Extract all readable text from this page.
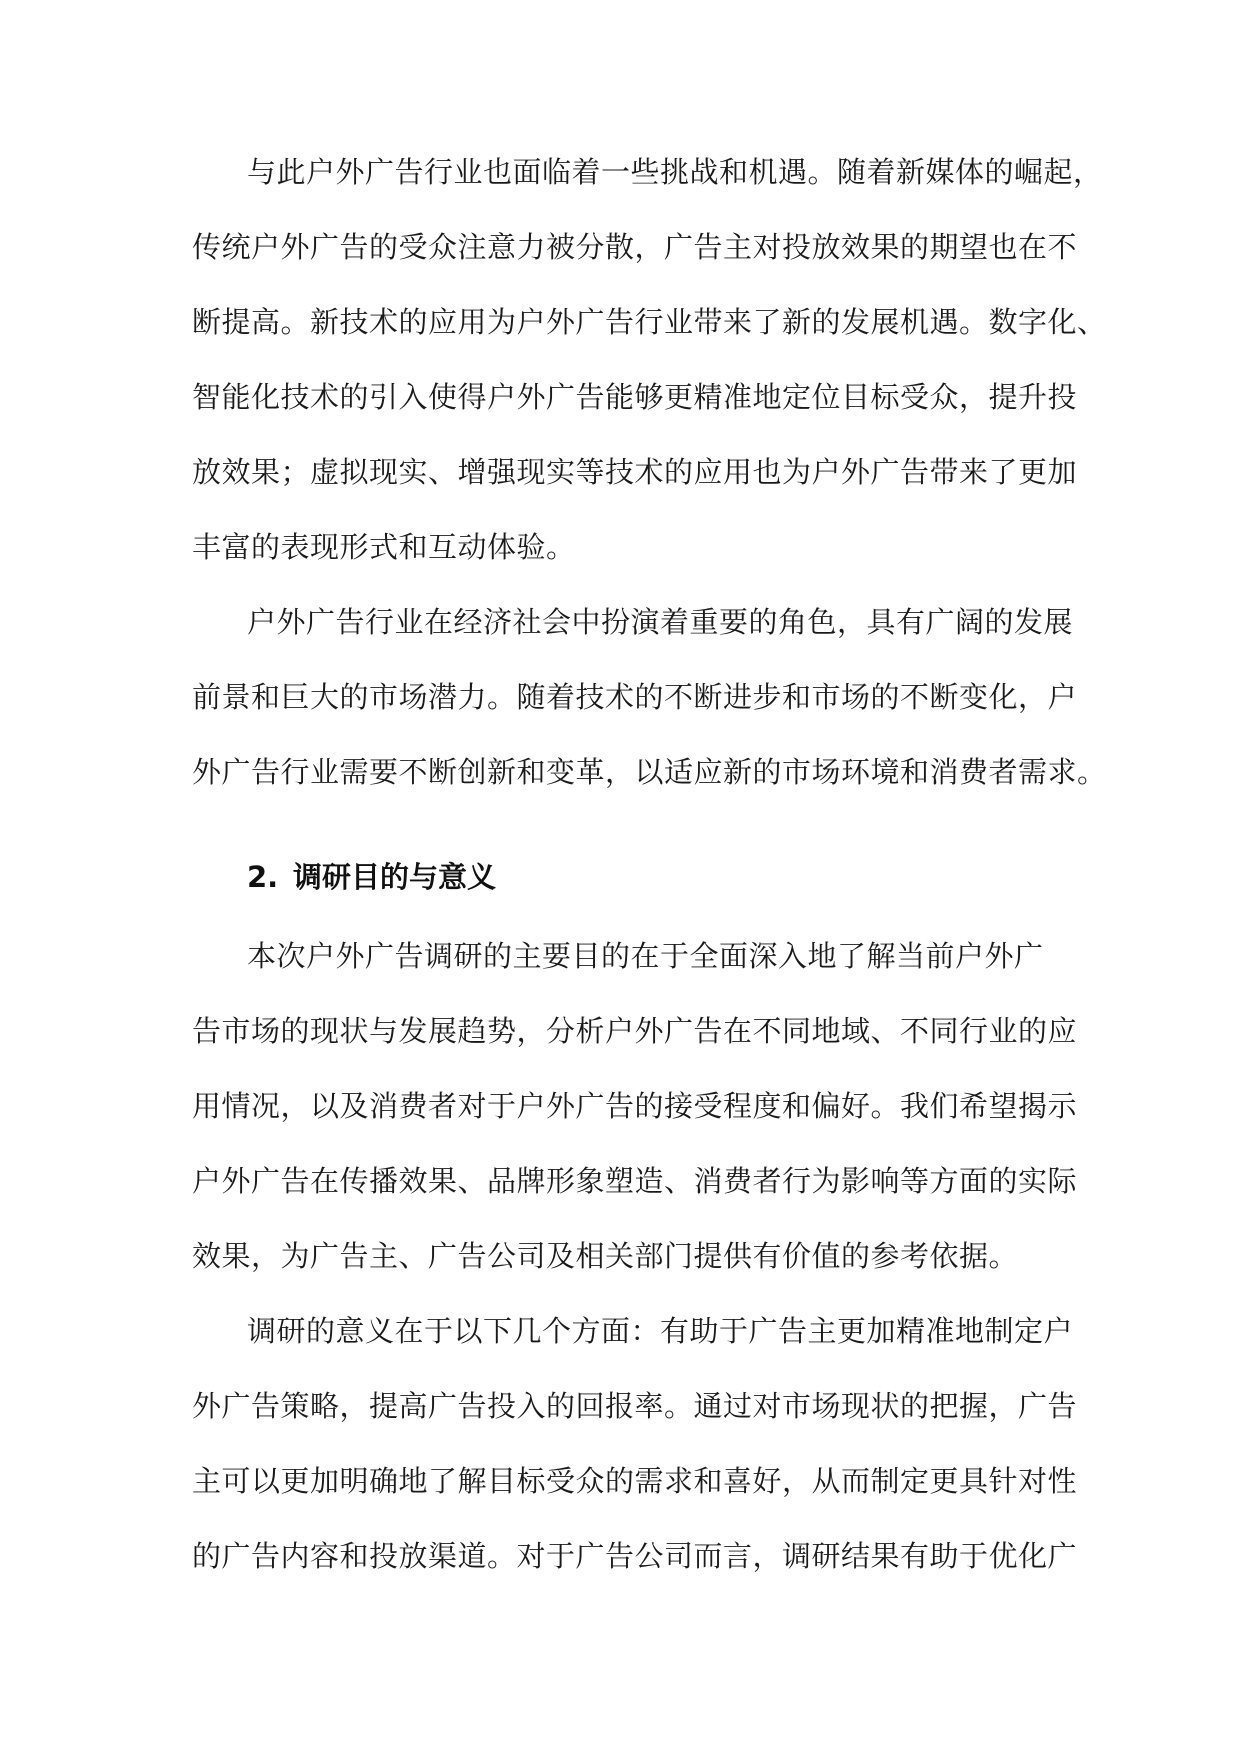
与此户外广告行业也面临着一些挑战和机遇。随着新媒体的崛起，
传统户外广告的受众注意力被分散，广告主对投放效果的期望也在不
断提高。新技术的应用为户外广告行业带来了新的发展机遇。数字化、
智能化技术的引入使得户外广告能够更精准地定位目标受众，提升投
放效果；虚拟现实、增强现实等技术的应用也为户外广告带来了更加
丰富的表现形式和互动体验。
户外广告行业在经济社会中扮演着重要的角色，具有广阔的发展
前景和巨大的市场潜力。随着技术的不断进步和市场的不断变化，户
外广告行业需要不断创新和变革，以适应新的市场环境和消费者需求。
2. 调研目的与意义
本次户外广告调研的主要目的在于全面深入地了解当前户外广
告市场的现状与发展趋势，分析户外广告在不同地域、不同行业的应
用情况，以及消费者对于户外广告的接受程度和偏好。我们希望揭示
户外广告在传播效果、品牌形象塑造、消费者行为影响等方面的实际
效果，为广告主、广告公司及相关部门提供有价值的参考依据。
调研的意义在于以下几个方面：有助于广告主更加精准地制定户
外广告策略，提高广告投入的回报率。通过对市场现状的把握，广告
主可以更加明确地了解目标受众的需求和喜好，从而制定更具针对性
的广告内容和投放渠道。对于广告公司而言，调研结果有助于优化广
